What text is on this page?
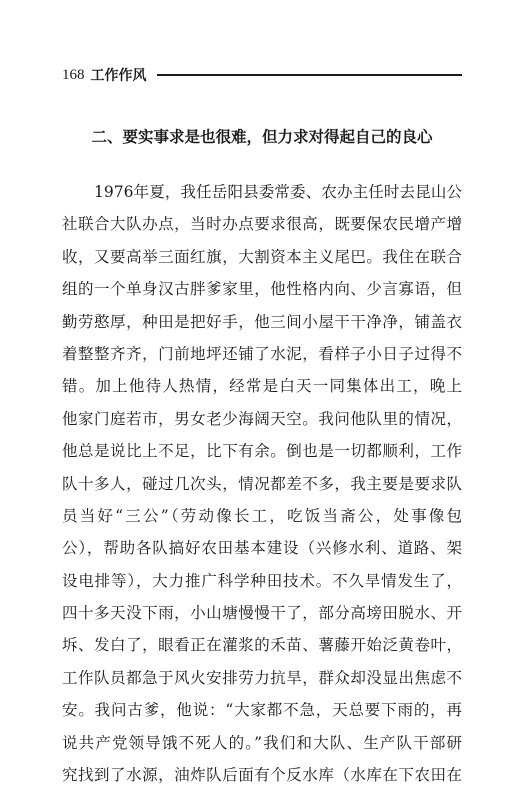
168 工作作风
二、要实事求是也很难，但力求对得起自己的良心
1976年夏，我任岳阳县委常委、农办主任时去昆山公
社联合大队办点，当时办点要求很高，既要保农民增产增
收，又要高举三面红旗，大割资本主义尾巴。我住在联合
组的一个单身汉古胖爹家里，他性格内向、少言寡语，但
勤劳憨厚，种田是把好手，他三间小屋干干净净，铺盖衣
着整整齐齐，门前地坪还铺了水泥，看样子小日子过得不
错。加上他待人热情，经常是白天一同集体出工，晚上
他家门庭若市，男女老少海阔天空。我问他队里的情况，
他总是说比上不足，比下有余。倒也是一切都顺利，工作
队十多人，碰过几次头，情况都差不多，我主要是要求队
员当好“三公”（劳动像长工，吃饭当斋公，处事像包
公），帮助各队搞好农田基本建设（兴修水利、道路、架
设电排等），大力推广科学种田技术。不久旱情发生了，
四十多天没下雨，小山塘慢慢干了，部分高塝田脱水、开
坼、发白了，眼看正在灌浆的禾苗、薯藤开始泛黄卷叶，
工作队员都急于风火安排劳力抗旱，群众却没显出焦虑不
安。我问古爹，他说：“大家都不急，天总要下雨的，再
说共产党领导饿不死人的。”我们和大队、生产队干部研
究找到了水源，油炸队后面有个反水库（水库在下农田在
